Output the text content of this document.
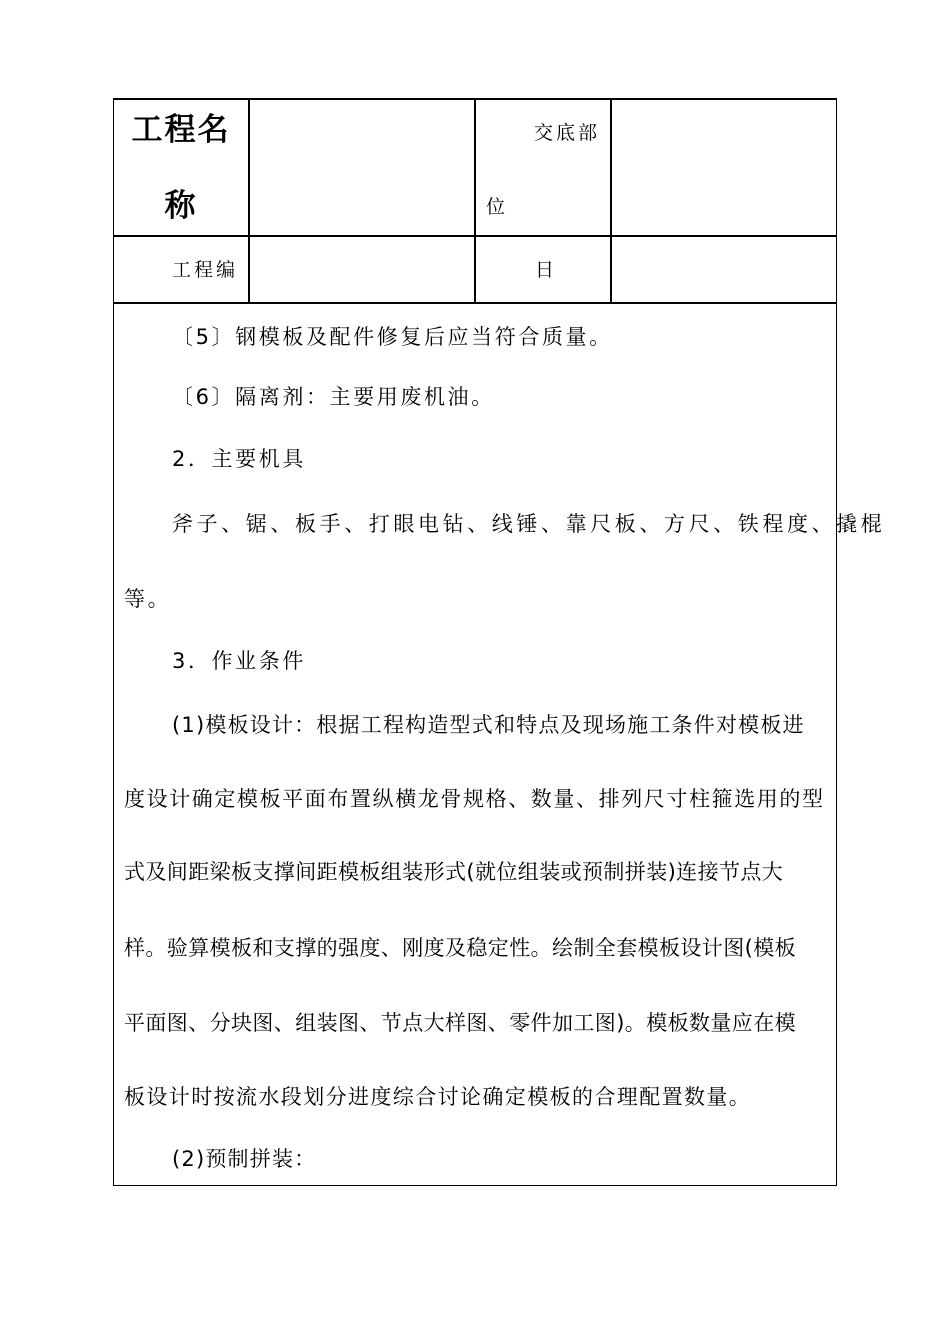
工程名
称
交底部
位
工程编	日
〔5〕钢模板及配件修复后应当符合质量。
〔6〕隔离剂：主要用废机油。
2．主要机具
斧子、锯、板手、打眼电钻、线锤、靠尺板、方尺、铁程度、撬棍
等。
3．作业条件
(1)模板设计：根据工程构造型式和特点及现场施工条件对模板进
度设计确定模板平面布置纵横龙骨规格、数量、排列尺寸柱箍选用的型
式及间距梁板支撑间距模板组装形式(就位组装或预制拼装)连接节点大
样。验算模板和支撑的强度、刚度及稳定性。绘制全套模板设计图(模板
平面图、分块图、组装图、节点大样图、零件加工图)。模板数量应在模
板设计时按流水段划分进度综合讨论确定模板的合理配置数量。
(2)预制拼装：
